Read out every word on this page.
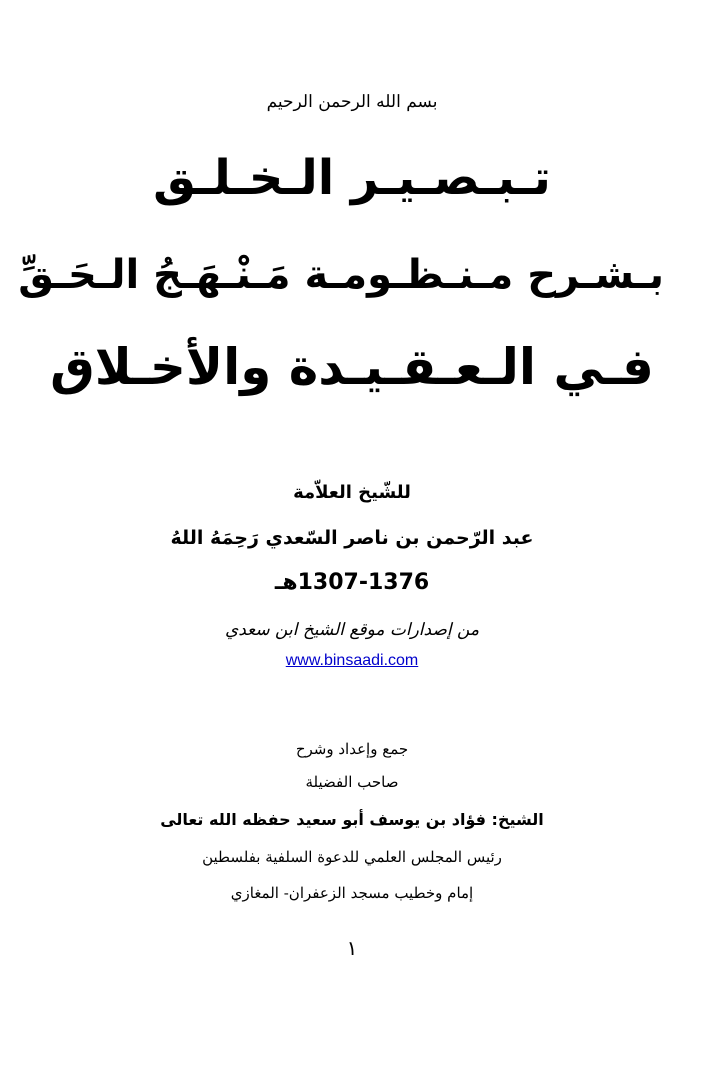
بسم الله الرحمن الرحيم
تـبـصـيـر الـخـلـق
بـشـرح مـنـظـومـة مَـنْـهَـجُ الـحَـقِّ
فـي الـعـقـيـدة والأخـلاق
للشّيخ العلاّمة
عبد الرّحمن بن ناصر السّعدي رَحِمَهُ اللهُ
1307-1376هـ
من إصدارات موقع الشيخ ابن سعدي
www.binsaadi.com
جمع وإعداد وشرح
صاحب الفضيلة
الشيخ: فؤاد بن يوسف أبو سعيد حفظه الله تعالى
رئيس المجلس العلمي للدعوة السلفية بفلسطين
إمام وخطيب مسجد الزعفران- المغازي
١
